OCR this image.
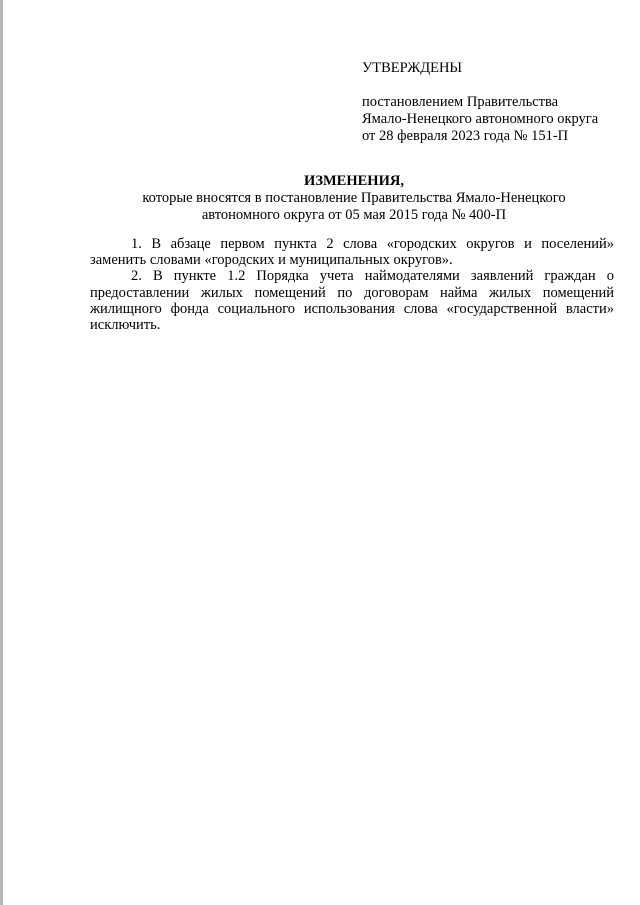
УТВЕРЖДЕНЫ
постановлением Правительства
Ямало-Ненецкого автономного округа
от 28 февраля 2023 года № 151-П
ИЗМЕНЕНИЯ,
которые вносятся в постановление Правительства Ямало-Ненецкого
автономного округа от 05 мая 2015 года № 400-П

1. В абзаце первом пункта 2 слова «городских округов и поселений» заменить словами «городских и муниципальных округов».

2. В пункте 1.2 Порядка учета наймодателями заявлений граждан о предоставлении жилых помещений по договорам найма жилых помещений жилищного фонда социального использования слова «государственной власти» исключить.
